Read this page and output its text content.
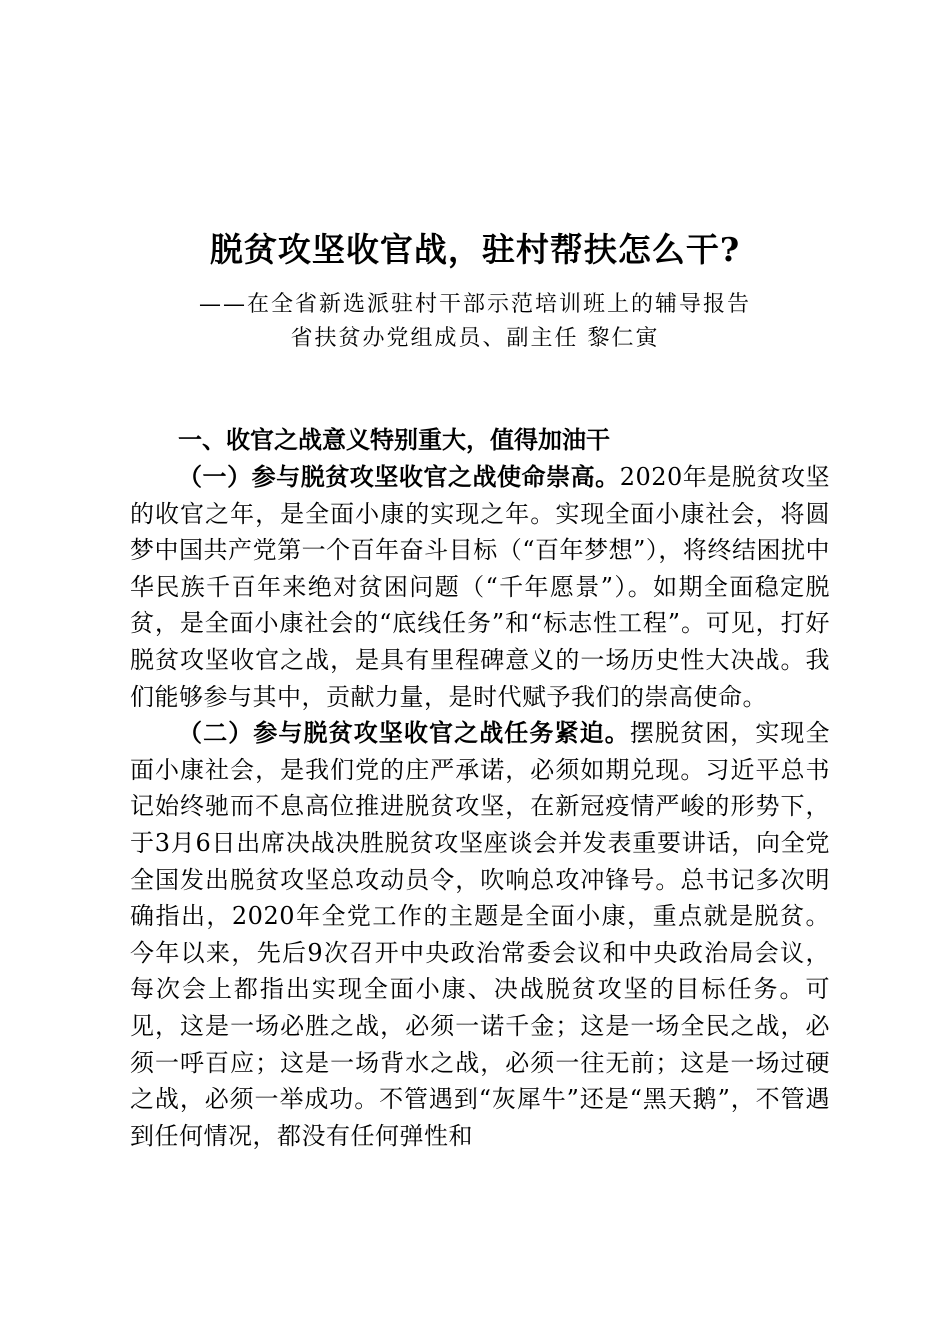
脱贫攻坚收官战，驻村帮扶怎么干?
——在全省新选派驻村干部示范培训班上的辅导报告
省扶贫办党组成员、副主任 黎仁寅
一、收官之战意义特别重大，值得加油干

（一）参与脱贫攻坚收官之战使命崇高。2020年是脱贫攻坚的收官之年，是全面小康的实现之年。实现全面小康社会，将圆梦中国共产党第一个百年奋斗目标（“百年梦想”），将终结困扰中华民族千百年来绝对贫困问题（“千年愿景”）。如期全面稳定脱贫，是全面小康社会的“底线任务”和“标志性工程”。可见，打好脱贫攻坚收官之战，是具有里程碑意义的一场历史性大决战。我们能够参与其中，贡献力量，是时代赋予我们的崇高使命。

（二）参与脱贫攻坚收官之战任务紧迫。摆脱贫困，实现全面小康社会，是我们党的庄严承诺，必须如期兑现。习近平总书记始终驰而不息高位推进脱贫攻坚，在新冠疫情严峻的形势下，于3月6日出席决战决胜脱贫攻坚座谈会并发表重要讲话，向全党全国发出脱贫攻坚总攻动员令，吹响总攻冲锋号。总书记多次明确指出，2020年全党工作的主题是全面小康，重点就是脱贫。今年以来，先后9次召开中央政治常委会议和中央政治局会议，每次会上都指出实现全面小康、决战脱贫攻坚的目标任务。可见，这是一场必胜之战，必须一诺千金；这是一场全民之战，必须一呼百应；这是一场背水之战，必须一往无前；这是一场过硬之战，必须一举成功。不管遇到“灰犀牛”还是“黑天鹅”，不管遇到任何情况，都没有任何弹性和
